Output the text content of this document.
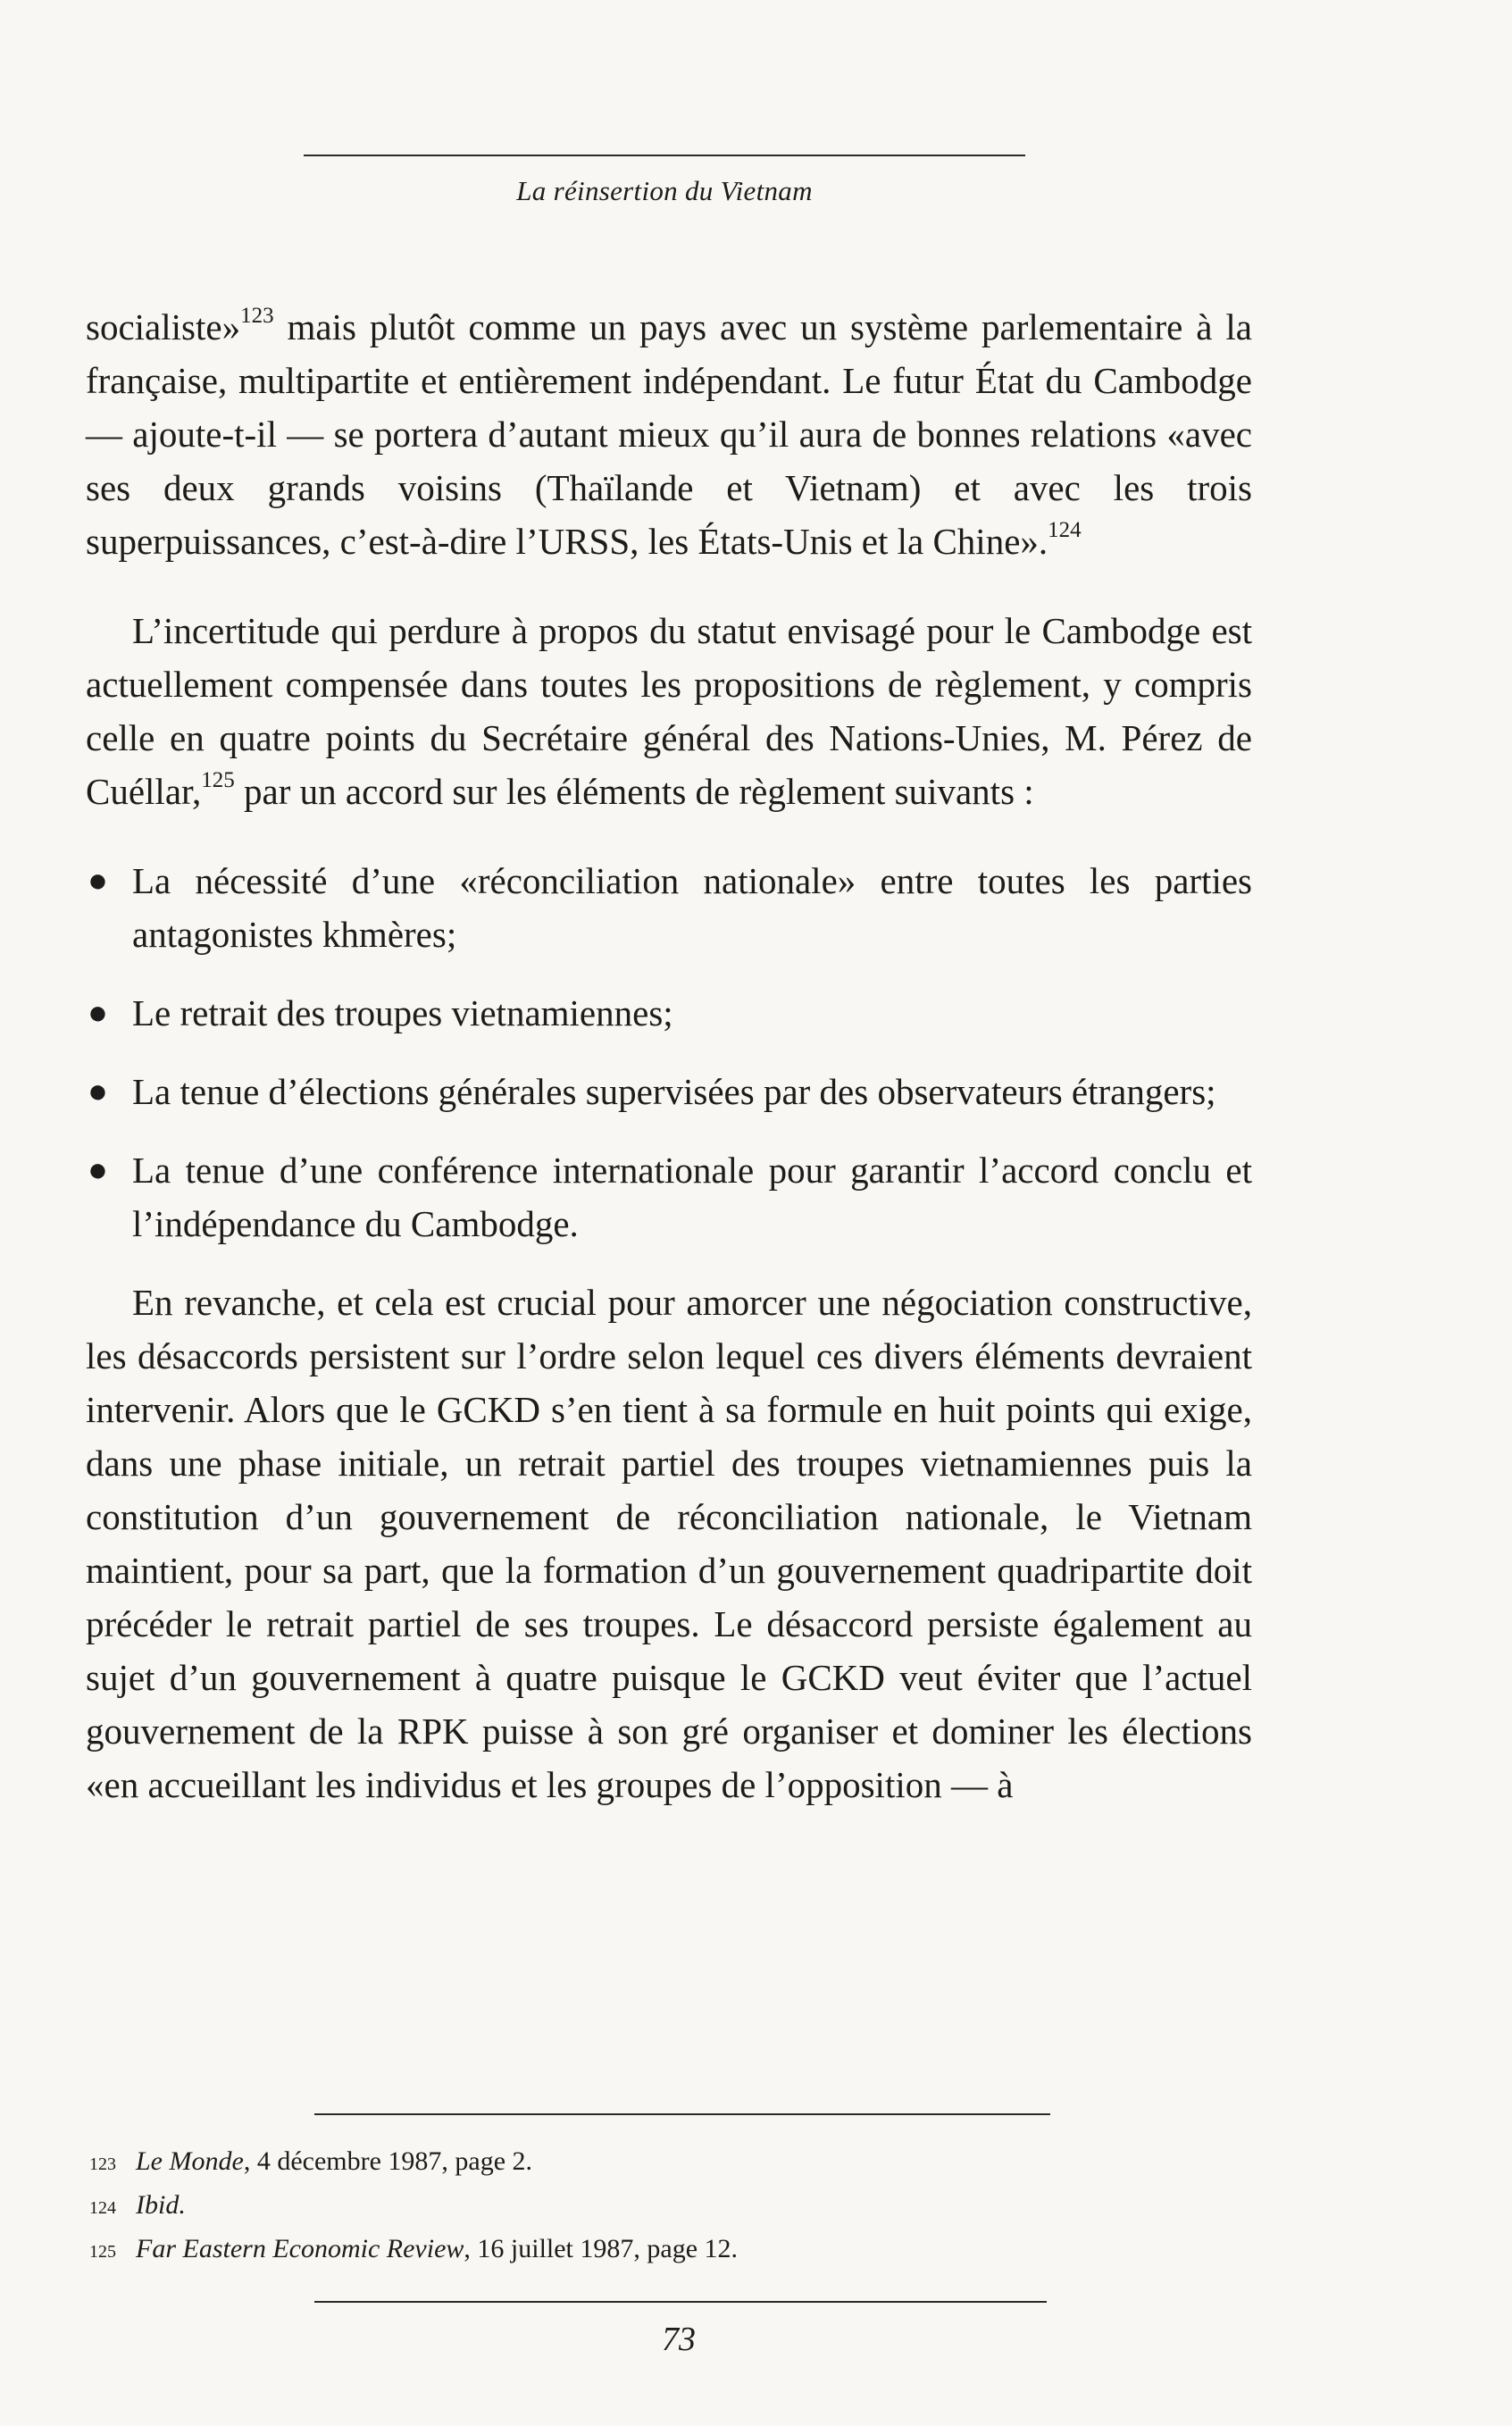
La réinsertion du Vietnam

socialiste»$^{123}$ mais plutôt comme un pays avec un système parlementaire à la française, multipartite et entièrement indépendant. Le futur État du Cambodge — ajoute-t-il — se portera d’autant mieux qu’il aura de bonnes relations «avec ses deux grands voisins (Thaïlande et Vietnam) et avec les trois superpuissances, c’est-à-dire l’URSS, les États-Unis et la Chine».$^{124}$

L’incertitude qui perdure à propos du statut envisagé pour le Cambodge est actuellement compensée dans toutes les propositions de règlement, y compris celle en quatre points du Secrétaire général des Nations-Unies, M. Pérez de Cuéllar,$^{125}$ par un accord sur les éléments de règlement suivants :

● La nécessité d’une «réconciliation nationale» entre toutes les parties antagonistes khmères;
● Le retrait des troupes vietnamiennes;
● La tenue d’élections générales supervisées par des observateurs étrangers;
● La tenue d’une conférence internationale pour garantir l’accord conclu et l’indépendance du Cambodge.

En revanche, et cela est crucial pour amorcer une négociation constructive, les désaccords persistent sur l’ordre selon lequel ces divers éléments devraient intervenir. Alors que le GCKD s’en tient à sa formule en huit points qui exige, dans une phase initiale, un retrait partiel des troupes vietnamiennes puis la constitution d’un gouvernement de réconciliation nationale, le Vietnam maintient, pour sa part, que la formation d’un gouvernement quadripartite doit précéder le retrait partiel de ses troupes. Le désaccord persiste également au sujet d’un gouvernement à quatre puisque le GCKD veut éviter que l’actuel gouvernement de la RPK puisse à son gré organiser et dominer les élections «en accueillant les individus et les groupes de l’opposition — à

123 Le Monde, 4 décembre 1987, page 2.
124 Ibid.
125 Far Eastern Economic Review, 16 juillet 1987, page 12.
73
